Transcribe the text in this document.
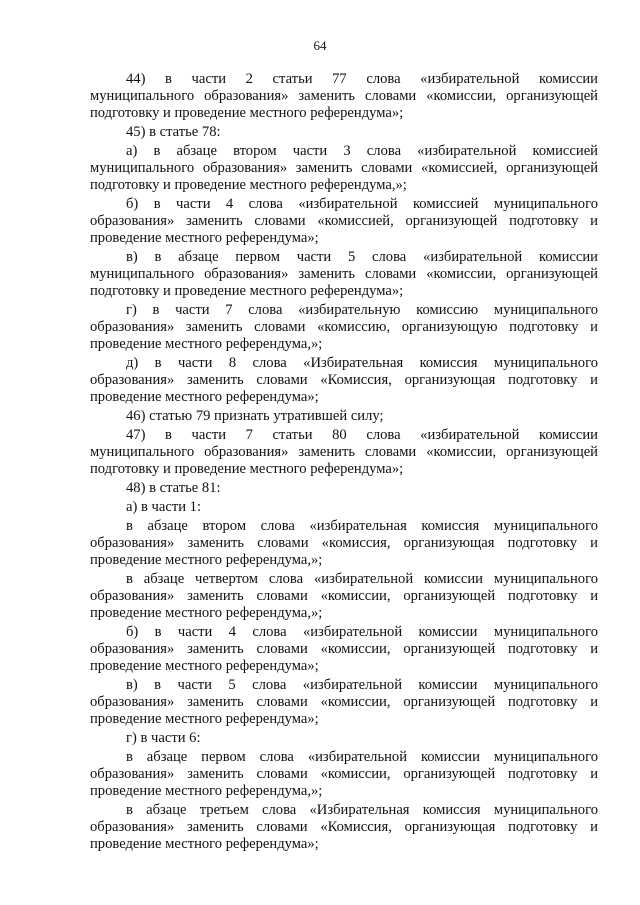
64
44) в части 2 статьи 77 слова «избирательной комиссии
муниципального образования» заменить словами «комиссии, организующей
подготовку и проведение местного референдума»;
45) в статье 78:
а) в абзаце втором части 3 слова «избирательной комиссией
муниципального образования» заменить словами «комиссией, организующей
подготовку и проведение местного референдума,»;
б) в части 4 слова «избирательной комиссией муниципального
образования» заменить словами «комиссией, организующей подготовку и
проведение местного референдума»;
в) в абзаце первом части 5 слова «избирательной комиссии
муниципального образования» заменить словами «комиссии, организующей
подготовку и проведение местного референдума»;
г) в части 7 слова «избирательную комиссию муниципального
образования» заменить словами «комиссию, организующую подготовку и
проведение местного референдума,»;
д) в части 8 слова «Избирательная комиссия муниципального
образования» заменить словами «Комиссия, организующая подготовку и
проведение местного референдума»;
46) статью 79 признать утратившей силу;
47) в части 7 статьи 80 слова «избирательной комиссии
муниципального образования» заменить словами «комиссии, организующей
подготовку и проведение местного референдума»;
48) в статье 81:
а) в части 1:
в абзаце втором слова «избирательная комиссия муниципального
образования» заменить словами «комиссия, организующая подготовку и
проведение местного референдума,»;
в абзаце четвертом слова «избирательной комиссии муниципального
образования» заменить словами «комиссии, организующей подготовку и
проведение местного референдума,»;
б) в части 4 слова «избирательной комиссии муниципального
образования» заменить словами «комиссии, организующей подготовку и
проведение местного референдума»;
в) в части 5 слова «избирательной комиссии муниципального
образования» заменить словами «комиссии, организующей подготовку и
проведение местного референдума»;
г) в части 6:
в абзаце первом слова «избирательной комиссии муниципального
образования» заменить словами «комиссии, организующей подготовку и
проведение местного референдума,»;
в абзаце третьем слова «Избирательная комиссия муниципального
образования» заменить словами «Комиссия, организующая подготовку и
проведение местного референдума»;
